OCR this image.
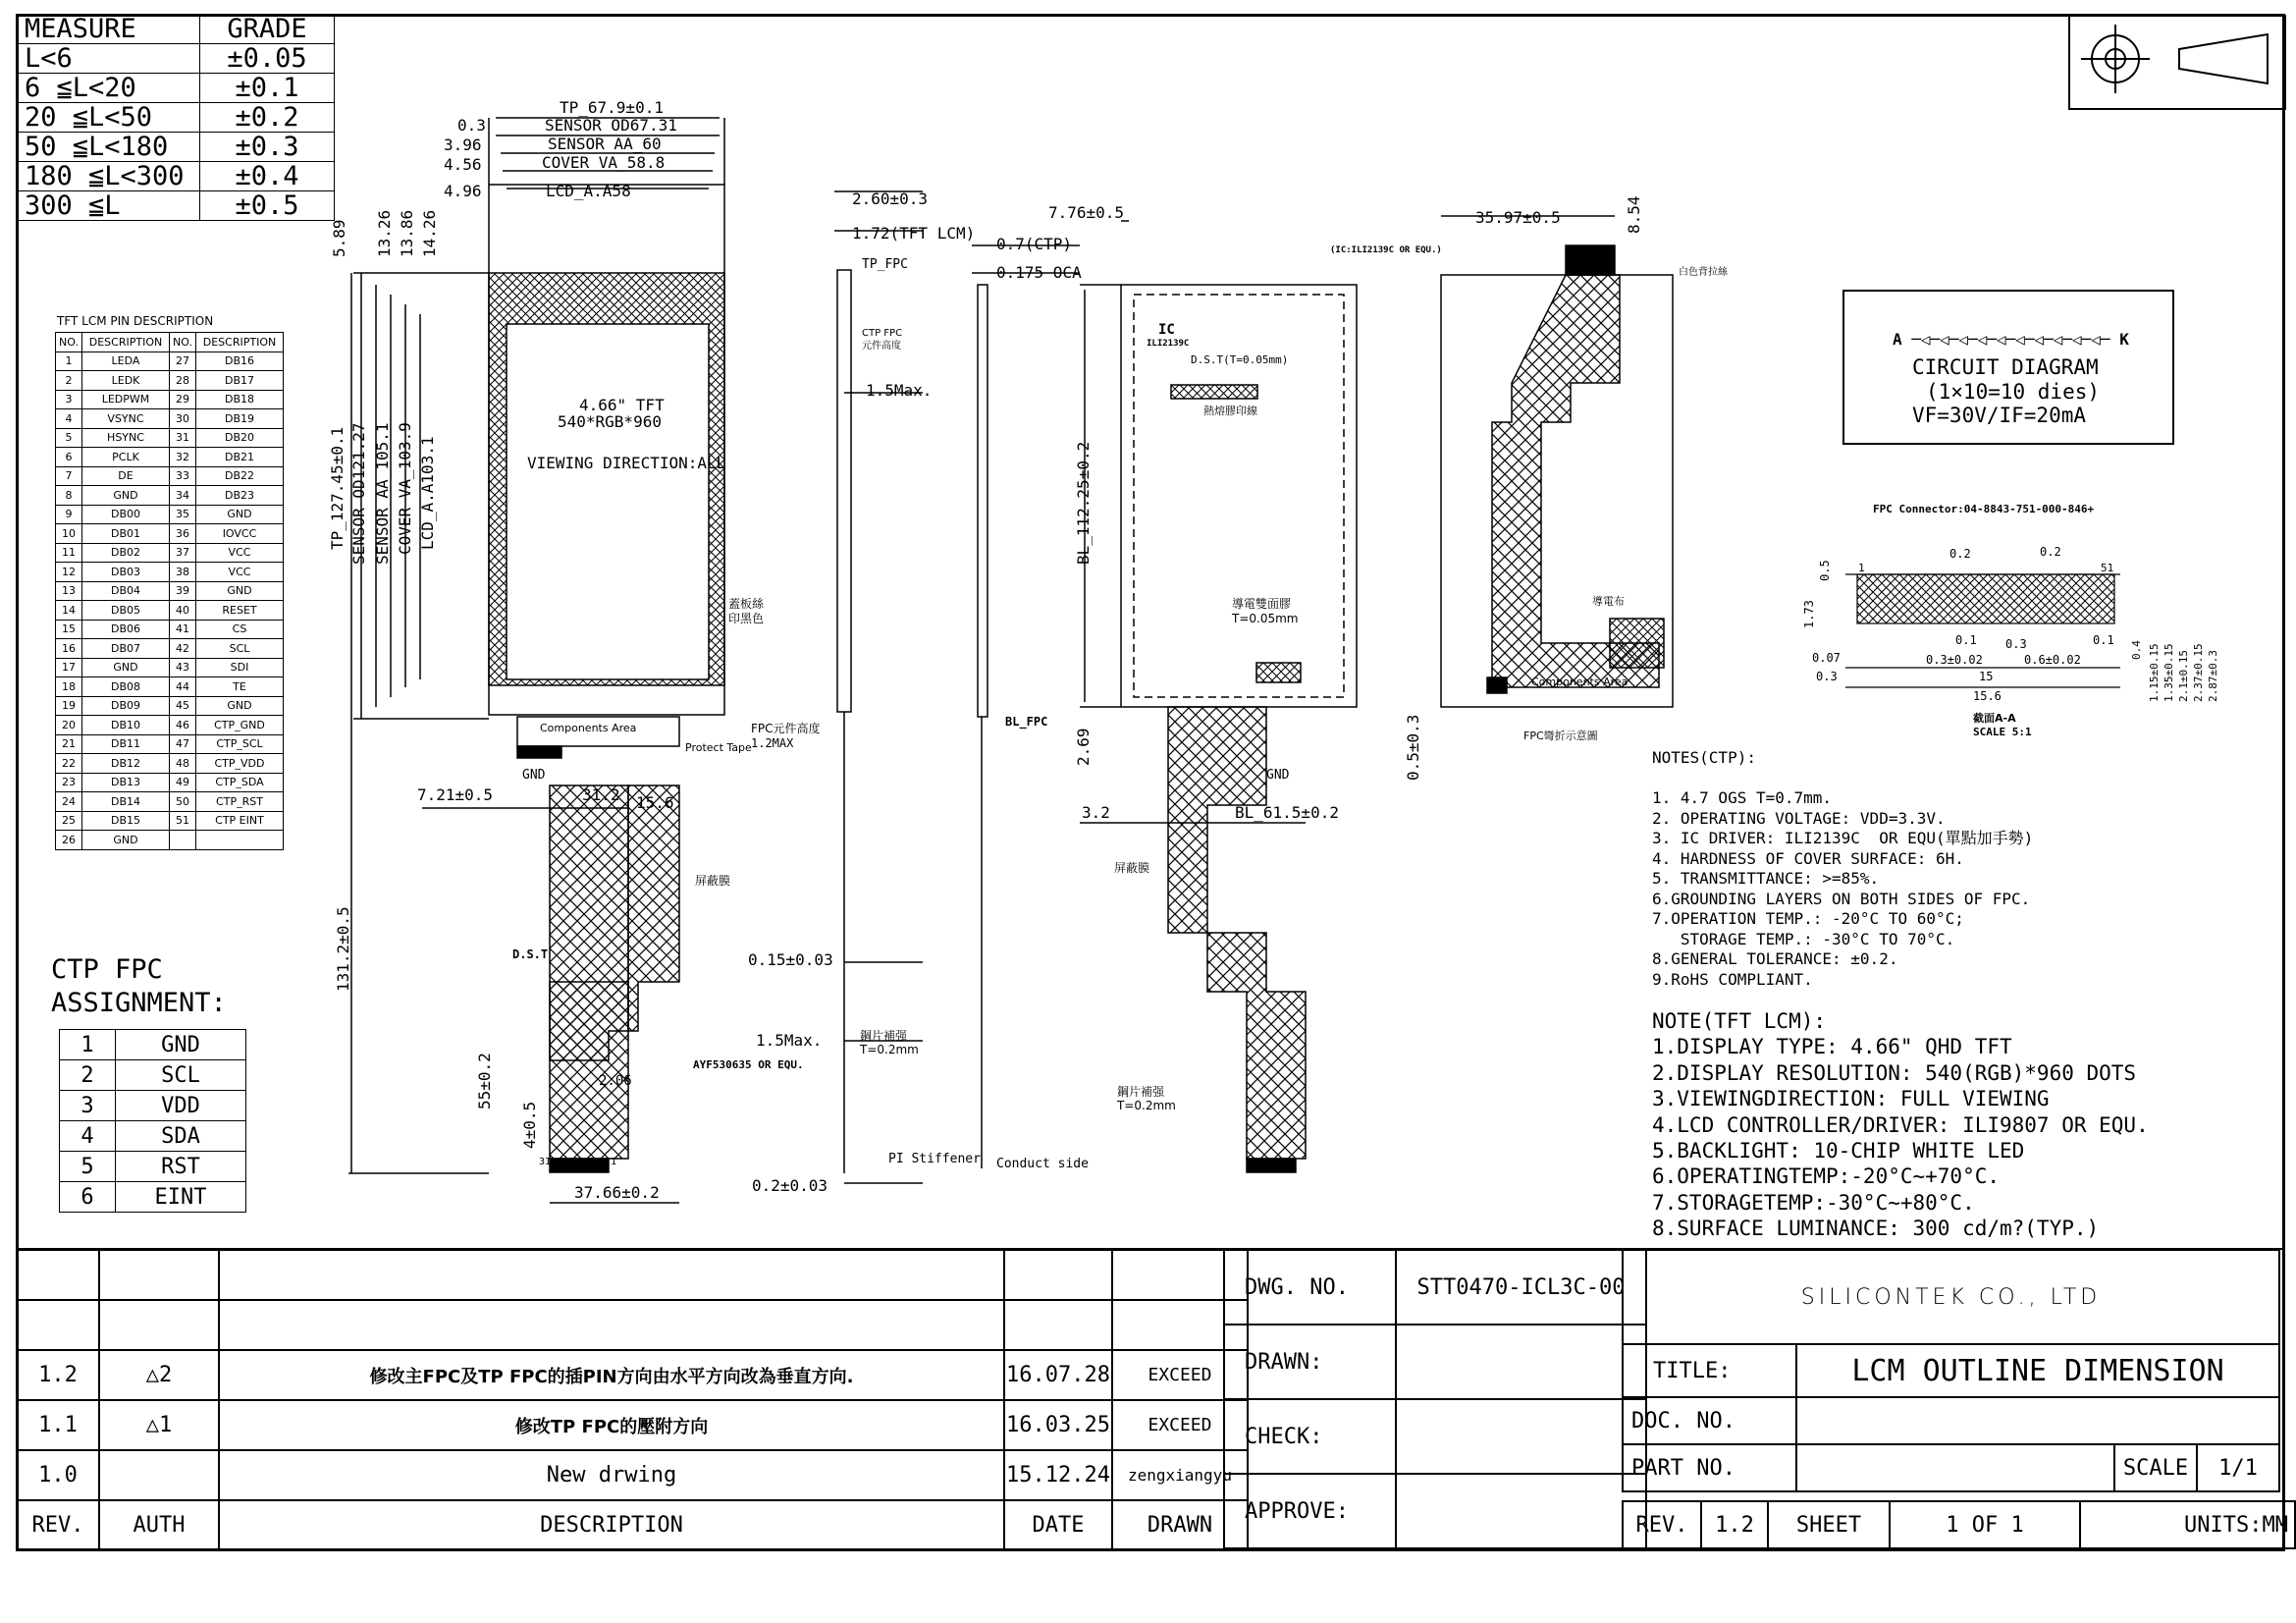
MEASURE	GRADE
L<6	±0.05
6 ≦L<20	±0.1
20 ≦L<50	±0.2
50 ≦L<180	±0.3
180 ≦L<300	±0.4
300 ≦L	±0.5
TFT LCM PIN DESCRIPTION
NO.	DESCRIPTION	NO.	DESCRIPTION
1	LEDA	27	DB16
2	LEDK	28	DB17
3	LEDPWM	29	DB18
4	VSYNC	30	DB19
5	HSYNC	31	DB20
6	PCLK	32	DB21
7	DE	33	DB22
8	GND	34	DB23
9	DB00	35	GND
10	DB01	36	IOVCC
11	DB02	37	VCC
12	DB03	38	VCC
13	DB04	39	GND
14	DB05	40	RESET
15	DB06	41	CS
16	DB07	42	SCL
17	GND	43	SDI
18	DB08	44	TE
19	DB09	45	GND
20	DB10	46	CTP_GND
21	DB11	47	CTP_SCL
22	DB12	48	CTP_VDD
23	DB13	49	CTP_SDA
24	DB14	50	CTP_RST
25	DB15	51	CTP EINT
26	GND		
CTP FPC
ASSIGNMENT:
1	GND
2	SCL
3	VDD
4	SDA
5	RST
6	EINT
TP_67.9±0.1
SENSOR OD67.31
SENSOR AA_60
COVER VA_58.8
LCD_A.A58
0.3
3.96
4.56
4.96
5.89 13.26 13.86 14.26
TP_127.45±0.1 SENSOR OD121.27 SENSOR AA_105.1 COVER VA_103.9 LCD_A.A103.1
4.66" TFT
540*RGB*960
VIEWING DIRECTION:ALL
蓋板絲
印黑色
Components Area
GND
Protect Tape
7.21±0.5	31.2 15.6
屏蔽膜
D.S.T
131.2±0.5
55±0.2
4±0.5
2.06
37.66±0.2
AYF530635 OR EQU.
31	1
2.60±0.3
1.72(TFT LCM)
TP_FPC
CTP FPC
元件高度
1.5Max.
FPC元件高度
1.2MAX
0.15±0.03
1.5Max.	鋼片補强
T=0.2mm
0.2±0.03
PI Stiffener Conduct side
0.7(CTP)
0.175 OCA
BL_FPC
7.76±0.5
IC
ILI2139C
D.S.T(T=0.05mm)
熱熔膠印線
BL_112.25±0.2
導電雙面膠
T=0.05mm
2.69
3.2	BL_61.5±0.2
GND
屏蔽膜
鋼片補强
T=0.2mm
35.97±0.5	8.54
(IC:ILI2139C OR EQU.)
白色背拉絲
導電布
Components Area
0.5±0.3	FPC彎折示意圖
A ─◁─◁─◁─◁─◁─◁─◁─◁─◁─◁─ K
CIRCUIT DIAGRAM
(1×10=10 dies)
VF=30V/IF=20mA
FPC Connector:04-8843-751-000-846+
0.2	0.2
0.5
1.73
0.1 0.3	0.1
0.07	0.3±0.02	0.6±0.02
0.3	15
15.6
0.4 1.15±0.15 1.35±0.15 2.1±0.15 2.37±0.15 2.87±0.3
1	51
截面A-A
SCALE 5:1
NOTES(CTP):

1. 4.7 OGS T=0.7mm.
2. OPERATING VOLTAGE: VDD=3.3V.
3. IC DRIVER: ILI2139C  OR EQU(單點加手勢)
4. HARDNESS OF COVER SURFACE: 6H.
5. TRANSMITTANCE: >=85%.
6.GROUNDING LAYERS ON BOTH SIDES OF FPC.
7.OPERATION TEMP.: -20°C TO 60°C;
STORAGE TEMP.: -30°C TO 70°C.
8.GENERAL TOLERANCE: ±0.2.
9.RoHS COMPLIANT.
NOTE(TFT LCM):
1.DISPLAY TYPE: 4.66" QHD TFT
2.DISPLAY RESOLUTION: 540(RGB)*960 DOTS
3.VIEWINGDIRECTION: FULL VIEWING
4.LCD CONTROLLER/DRIVER: ILI9807 OR EQU.
5.BACKLIGHT: 10-CHIP WHITE LED
6.OPERATINGTEMP:-20°C~+70°C.
7.STORAGETEMP:-30°C~+80°C.
8.SURFACE LUMINANCE: 300 cd/m?(TYP.)

1.2	△2	修改主FPC及TP FPC的插PIN方向由水平方向改為垂直方向.	16.07.28	EXCEED
1.1	△1	修改TP FPC的壓附方向	16.03.25	EXCEED
1.0		New drwing	15.12.24	zengxiangyu
REV.	AUTH	DESCRIPTION	DATE	DRAWN
DWG. NO.	STT0470-ICL3C-00
DRAWN:	
CHECK:	
APPROVE:	
SILICONTEK CO., LTD			
TITLE:	LCM OUTLINE DIMENSION		
DOC. NO.			
PART NO.		SCALE	1/1
REV.	1.2	SHEET	1 OF 1	UNITS:MM
